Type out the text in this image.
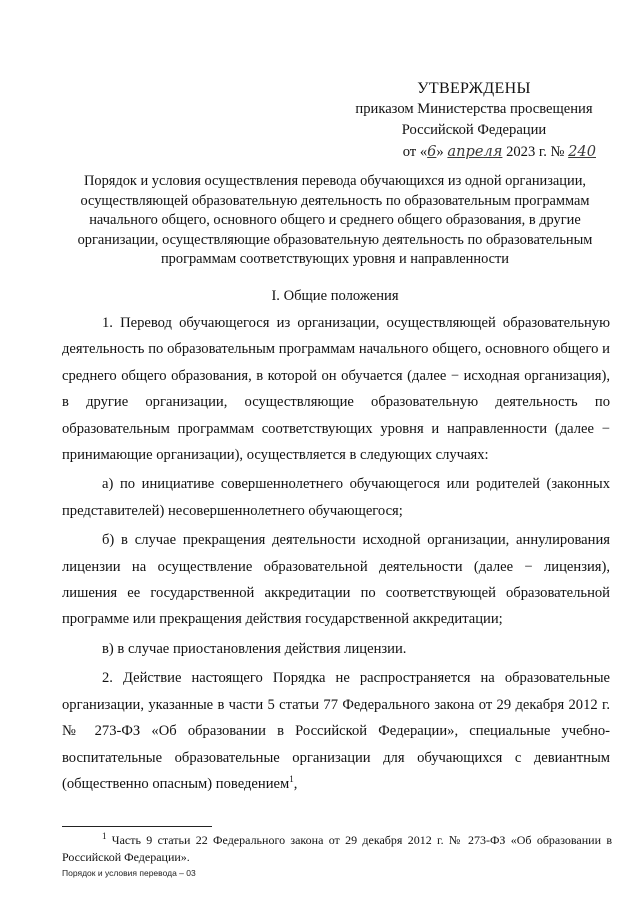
УТВЕРЖДЕНЫ
приказом Министерства просвещения
Российской Федерации
от «6» апреля 2023 г. № 240
Порядок и условия осуществления перевода обучающихся из одной организации,
осуществляющей образовательную деятельность по образовательным программам
начального общего, основного общего и среднего общего образования, в другие
организации, осуществляющие образовательную деятельность по образовательным
программам соответствующих уровня и направленности
I. Общие положения

1. Перевод обучающегося из организации, осуществляющей образовательную деятельность по образовательным программам начального общего, основного общего и среднего общего образования, в которой он обучается (далее − исходная организация), в другие организации, осуществляющие образовательную деятельность по образовательным программам соответствующих уровня и направленности (далее − принимающие организации), осуществляется в следующих случаях:

а) по инициативе совершеннолетнего обучающегося или родителей (законных представителей) несовершеннолетнего обучающегося;

б) в случае прекращения деятельности исходной организации, аннулирования лицензии на осуществление образовательной деятельности (далее − лицензия), лишения ее государственной аккредитации по соответствующей образовательной программе или прекращения действия государственной аккредитации;

в) в случае приостановления действия лицензии.

2. Действие настоящего Порядка не распространяется на образовательные организации, указанные в части 5 статьи 77 Федерального закона от 29 декабря 2012 г. № 273-ФЗ «Об образовании в Российской Федерации», специальные учебно-воспитательные образовательные организации для обучающихся с девиантным (общественно опасным) поведением$^1$,

$^1$ Часть 9 статьи 22 Федерального закона от 29 декабря 2012 г. № 273-ФЗ «Об образовании в Российской Федерации».
Порядок и условия перевода – 03
